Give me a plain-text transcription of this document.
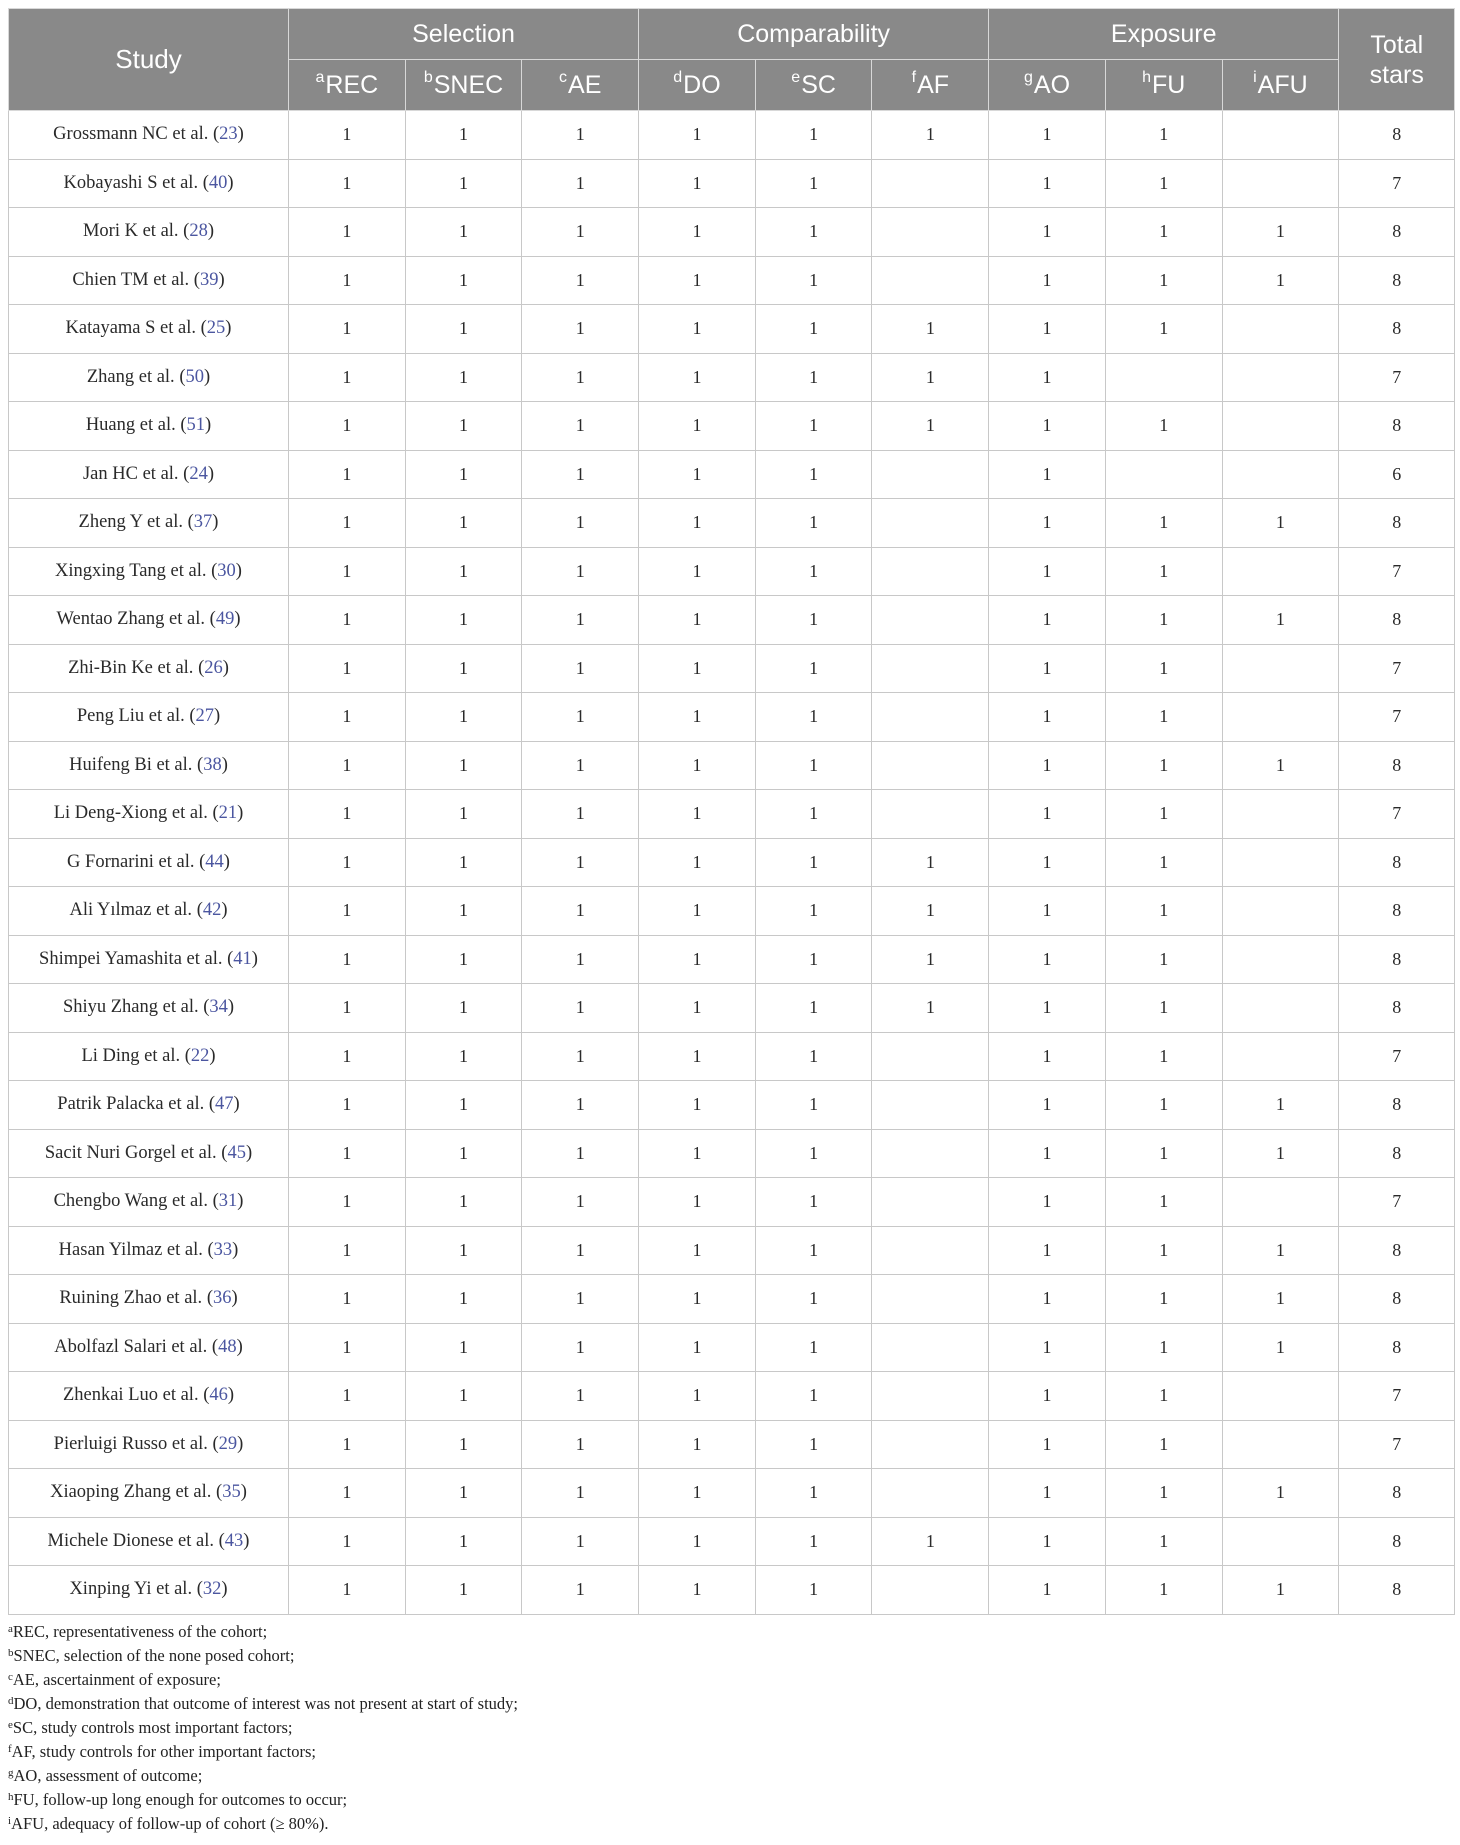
Study	Selection			Comparability			Exposure			Total
stars
	$^a$REC	$^b$SNEC	$^c$AE	$^d$DO	$^e$SC	$^f$AF	$^g$AO	$^h$FU	$^i$AFU	
Grossmann NC et al. (23)	1	1	1	1	1	1	1	1		8
Kobayashi S et al. (40)	1	1	1	1	1		1	1		7
Mori K et al. (28)	1	1	1	1	1		1	1	1	8
Chien TM et al. (39)	1	1	1	1	1		1	1	1	8
Katayama S et al. (25)	1	1	1	1	1	1	1	1		8
Zhang et al. (50)	1	1	1	1	1	1	1			7
Huang et al. (51)	1	1	1	1	1	1	1	1		8
Jan HC et al. (24)	1	1	1	1	1		1			6
Zheng Y et al. (37)	1	1	1	1	1		1	1	1	8
Xingxing Tang et al. (30)	1	1	1	1	1		1	1		7
Wentao Zhang et al. (49)	1	1	1	1	1		1	1	1	8
Zhi-Bin Ke et al. (26)	1	1	1	1	1		1	1		7
Peng Liu et al. (27)	1	1	1	1	1		1	1		7
Huifeng Bi et al. (38)	1	1	1	1	1		1	1	1	8
Li Deng-Xiong et al. (21)	1	1	1	1	1		1	1		7
G Fornarini et al. (44)	1	1	1	1	1	1	1	1		8
Ali Yılmaz et al. (42)	1	1	1	1	1	1	1	1		8
Shimpei Yamashita et al. (41)	1	1	1	1	1	1	1	1		8
Shiyu Zhang et al. (34)	1	1	1	1	1	1	1	1		8
Li Ding et al. (22)	1	1	1	1	1		1	1		7
Patrik Palacka et al. (47)	1	1	1	1	1		1	1	1	8
Sacit Nuri Gorgel et al. (45)	1	1	1	1	1		1	1	1	8
Chengbo Wang et al. (31)	1	1	1	1	1		1	1		7
Hasan Yilmaz et al. (33)	1	1	1	1	1		1	1	1	8
Ruining Zhao et al. (36)	1	1	1	1	1		1	1	1	8
Abolfazl Salari et al. (48)	1	1	1	1	1		1	1	1	8
Zhenkai Luo et al. (46)	1	1	1	1	1		1	1		7
Pierluigi Russo et al. (29)	1	1	1	1	1		1	1		7
Xiaoping Zhang et al. (35)	1	1	1	1	1		1	1	1	8
Michele Dionese et al. (43)	1	1	1	1	1	1	1	1		8
Xinping Yi et al. (32)	1	1	1	1	1		1	1	1	8
$^a$REC, representativeness of the cohort;
$^b$SNEC, selection of the none posed cohort;
$^c$AE, ascertainment of exposure;
$^d$DO, demonstration that outcome of interest was not present at start of study;
$^e$SC, study controls most important factors;
$^f$AF, study controls for other important factors;
$^g$AO, assessment of outcome;
$^h$FU, follow-up long enough for outcomes to occur;
$^i$AFU, adequacy of follow-up of cohort (≥ 80%).
